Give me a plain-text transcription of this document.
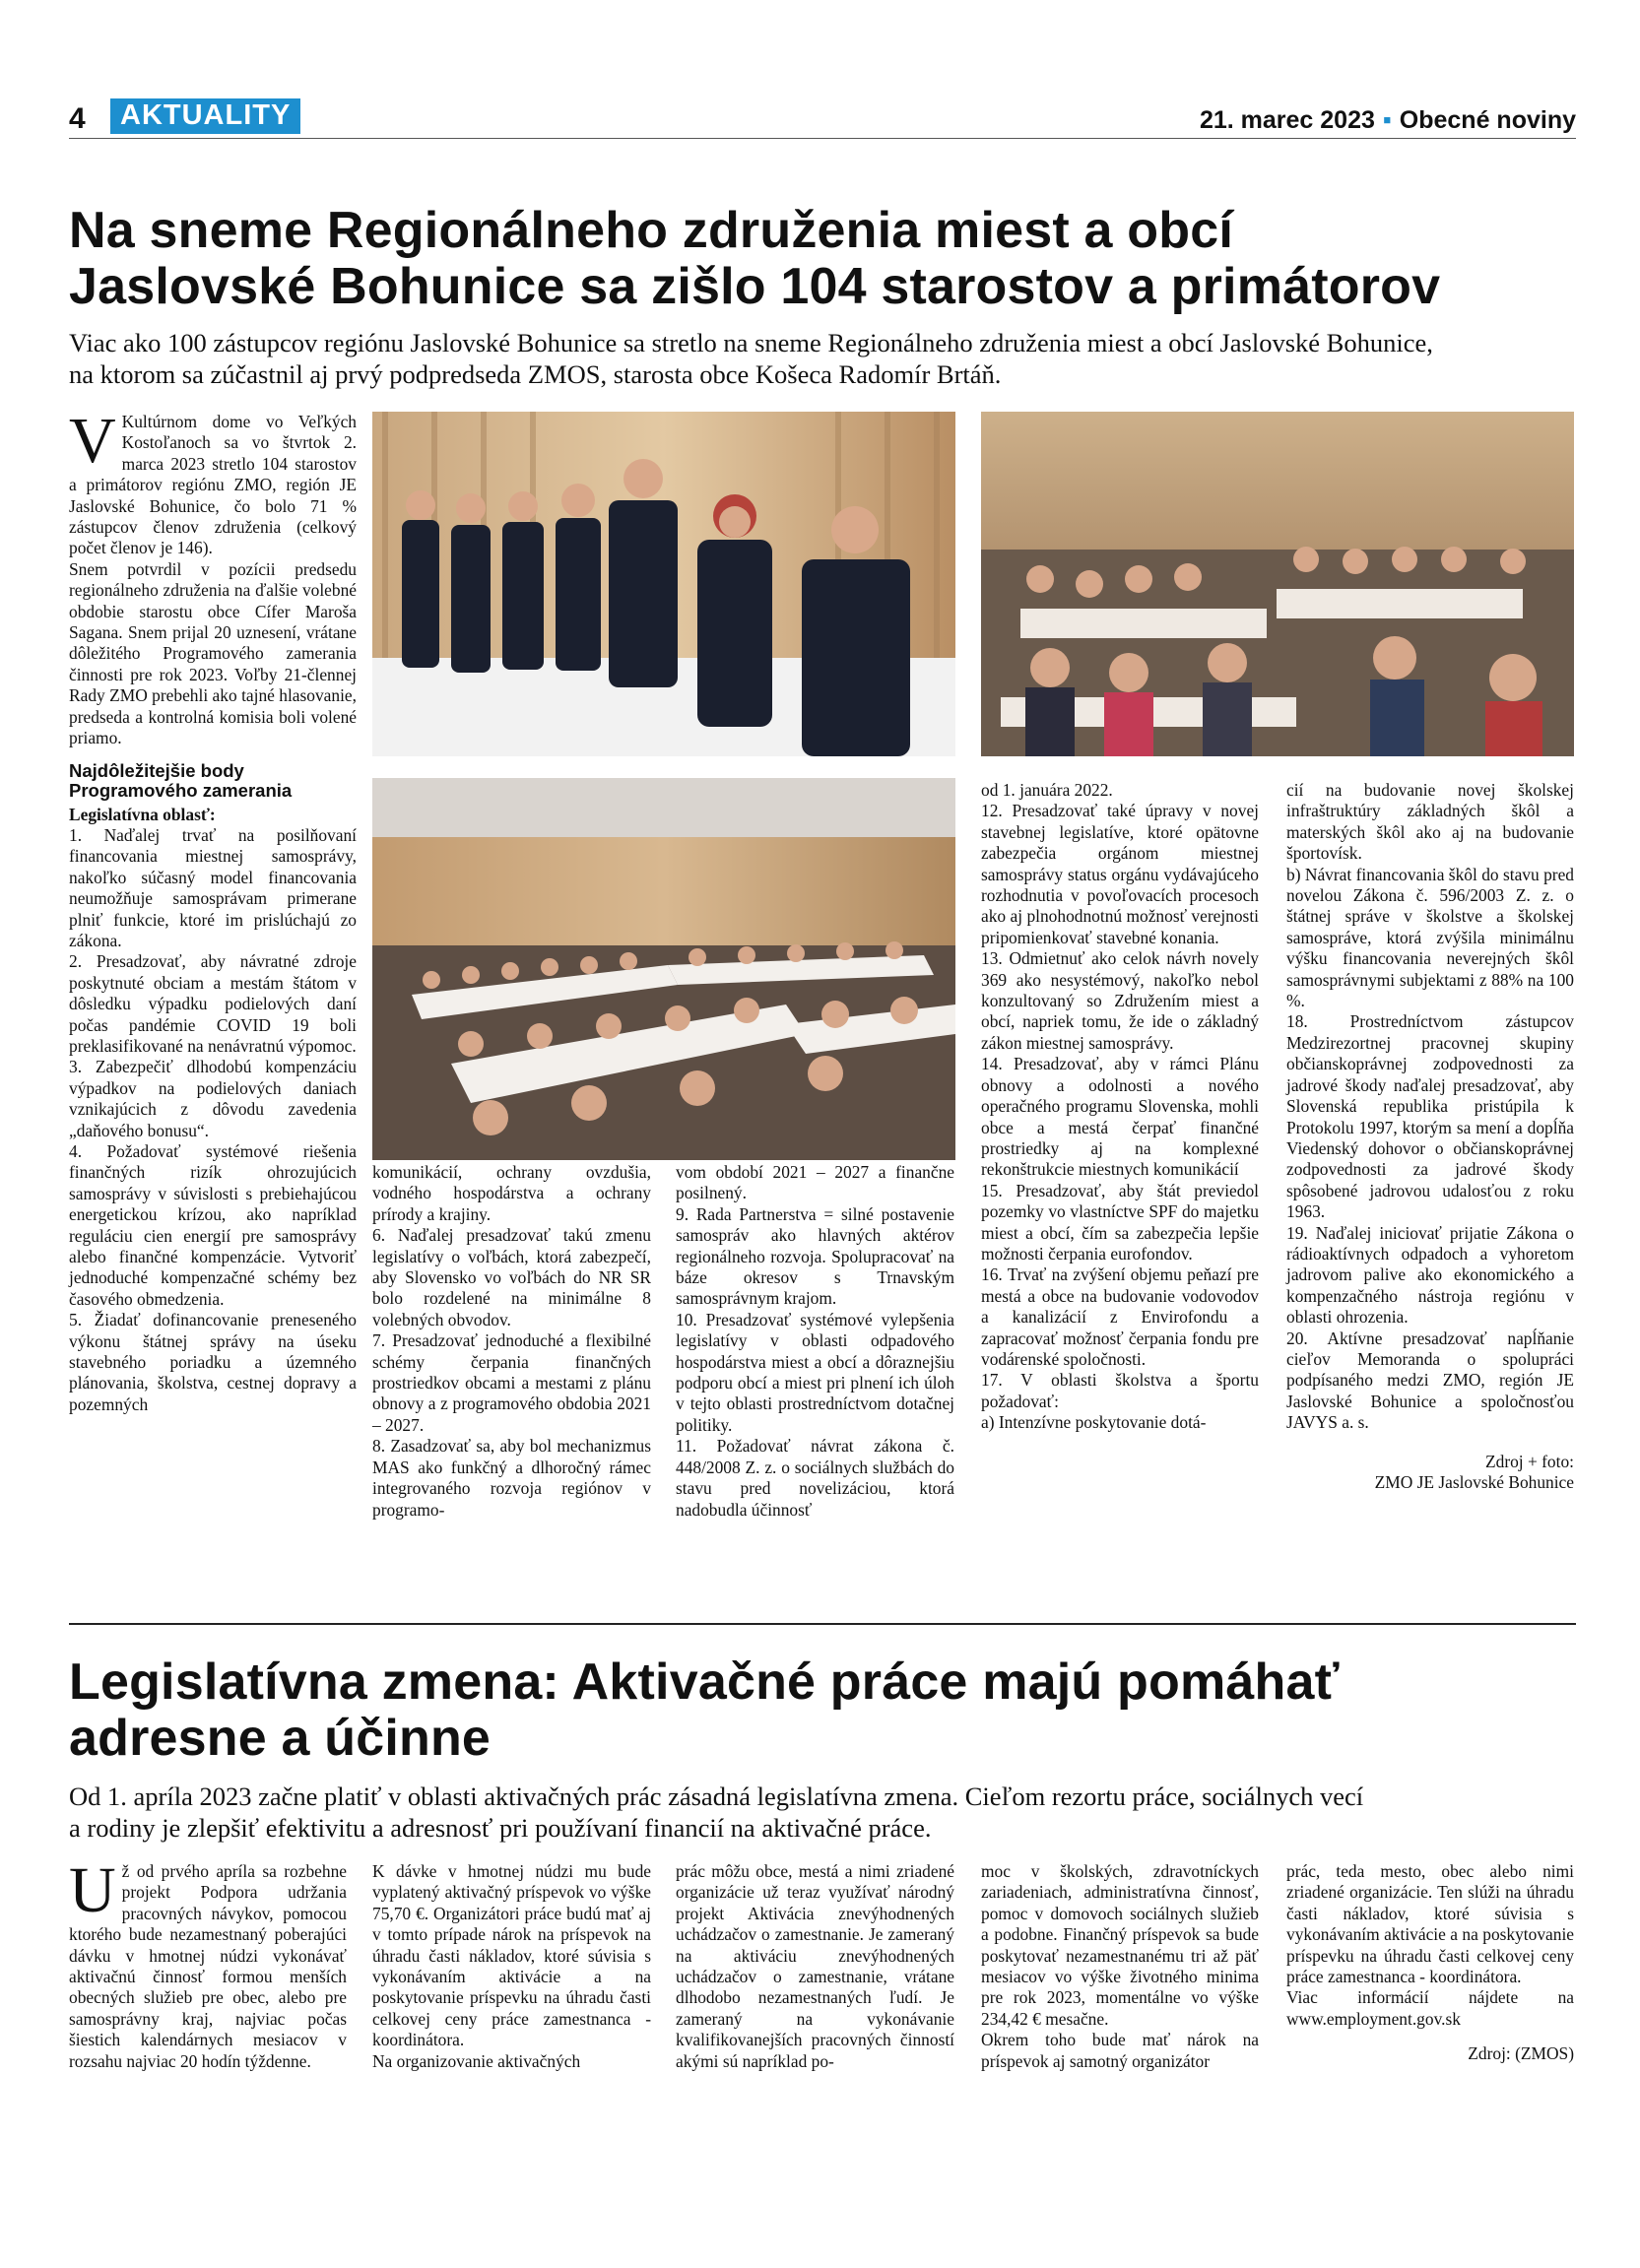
4	AKTUALITY	21. marec 2023 ▪ Obecné noviny
Na sneme Regionálneho združenia miest a obcí
Jaslovské Bohunice sa zišlo 104 starostov a primátorov
Viac ako 100 zástupcov regiónu Jaslovské Bohunice sa stretlo na sneme Regionálneho združenia miest a obcí Jaslovské Bohunice,
na ktorom sa zúčastnil aj prvý podpredseda ZMOS, starosta obce Košeca Radomír Brtáň.
V Kultúrnom dome vo Veľkých Kostoľanoch sa vo štvrtok 2. marca 2023 stretlo 104 starostov a primátorov regiónu ZMO, región JE Jaslovské Bohunice, čo bolo 71 % zástupcov členov združenia (celkový počet členov je 146).
Snem potvrdil v pozícii predsedu regionálneho združenia na ďalšie volebné obdobie starostu obce Cífer Maroša Sagana. Snem prijal 20 uznesení, vrátane dôležitého Programového zamerania činnosti pre rok 2023. Voľby 21-člennej Rady ZMO prebehli ako tajné hlasovanie, predseda a kontrolná komisia boli volené priamo.
Najdôležitejšie body Programového zamerania
Legislatívna oblasť:
1. Naďalej trvať na posilňovaní financovania miestnej samosprávy, nakoľko súčasný model financovania neumožňuje samosprávam primerane plniť funkcie, ktoré im prislúchajú zo zákona.
2. Presadzovať, aby návratné zdroje poskytnuté obciam a mestám štátom v dôsledku výpadku podielových daní počas pandémie COVID 19 boli preklasifikované na nenávratnú výpomoc.
3. Zabezpečiť dlhodobú kompenzáciu výpadkov na podielových daniach vznikajúcich z dôvodu zavedenia „daňového bonusu“.
4. Požadovať systémové riešenia finančných rizík ohrozujúcich samosprávy v súvislosti s prebiehajúcou energetickou krízou, ako napríklad reguláciu cien energií pre samosprávy alebo finančné kompenzácie. Vytvoriť jednoduché kompenzačné schémy bez časového obmedzenia.
5. Žiadať dofinancovanie preneseného výkonu štátnej správy na úseku stavebného poriadku a územného plánovania, školstva, cestnej dopravy a pozemných
komunikácií, ochrany ovzdušia, vodného hospodárstva a ochrany prírody a krajiny.
6. Naďalej presadzovať takú zmenu legislatívy o voľbách, ktorá zabezpečí, aby Slovensko vo voľbách do NR SR bolo rozdelené na minimálne 8 volebných obvodov.
7. Presadzovať jednoduché a flexibilné schémy čerpania finančných prostriedkov obcami a mestami z plánu obnovy a z programového obdobia 2021 – 2027.
8. Zasadzovať sa, aby bol mechanizmus MAS ako funkčný a dlhoročný rámec integrovaného rozvoja regiónov v programo-
vom období 2021 – 2027 a finančne posilnený.
9. Rada Partnerstva = silné postavenie samospráv ako hlavných aktérov regionálneho rozvoja. Spolupracovať na báze okresov s Trnavským samosprávnym krajom.
10. Presadzovať systémové vylepšenia legislatívy v oblasti odpadového hospodárstva miest a obcí a dôraznejšiu podporu obcí a miest pri plnení ich úloh v tejto oblasti prostredníctvom dotačnej politiky.
11. Požadovať návrat zákona č. 448/2008 Z. z. o sociálnych službách do stavu pred novelizáciou, ktorá nadobudla účinnosť
od 1. januára 2022.
12. Presadzovať také úpravy v novej stavebnej legislatíve, ktoré opätovne zabezpečia orgánom miestnej samosprávy status orgánu vydávajúceho rozhodnutia v povoľovacích procesoch ako aj plnohodnotnú možnosť verejnosti pripomienkovať stavebné konania.
13. Odmietnuť ako celok návrh novely 369 ako nesystémový, nakoľko nebol konzultovaný so Združením miest a obcí, napriek tomu, že ide o základný zákon miestnej samosprávy.
14. Presadzovať, aby v rámci Plánu obnovy a odolnosti a nového operačného programu Slovenska, mohli obce a mestá čerpať finančné prostriedky aj na komplexné rekonštrukcie miestnych komunikácií
15. Presadzovať, aby štát previedol pozemky vo vlastníctve SPF do majetku miest a obcí, čím sa zabezpečia lepšie možnosti čerpania eurofondov.
16. Trvať na zvýšení objemu peňazí pre mestá a obce na budovanie vodovodov a kanalizácií z Envirofondu a zapracovať možnosť čerpania fondu pre vodárenské spoločnosti.
17. V oblasti školstva a športu požadovať:
a) Intenzívne poskytovanie dotá-
cií na budovanie novej školskej infraštruktúry základných škôl a materských škôl ako aj na budovanie športovísk.
b) Návrat financovania škôl do stavu pred novelou Zákona č. 596/2003 Z. z. o štátnej správe v školstve a školskej samospráve, ktorá zvýšila minimálnu výšku financovania neverejných škôl samosprávnymi subjektami z 88% na 100 %.
18. Prostredníctvom zástupcov Medzirezortnej pracovnej skupiny občianskoprávnej zodpovednosti za jadrové škody naďalej presadzovať, aby Slovenská republika pristúpila k Protokolu 1997, ktorým sa mení a dopĺňa Viedenský dohovor o občianskoprávnej zodpovednosti za jadrové škody spôsobené jadrovou udalosťou z roku 1963.
19. Naďalej iniciovať prijatie Zákona o rádioaktívnych odpadoch a vyhoretom jadrovom palive ako ekonomického a kompenzačného nástroja regiónu v oblasti ohrozenia.
20. Aktívne presadzovať napĺňanie cieľov Memoranda o spolupráci podpísaného medzi ZMO, región JE Jaslovské Bohunice a spoločnosťou JAVYS a. s.
Zdroj + foto:
ZMO JE Jaslovské Bohunice
Legislatívna zmena: Aktivačné práce majú pomáhať
adresne a účinne
Od 1. apríla 2023 začne platiť v oblasti aktivačných prác zásadná legislatívna zmena. Cieľom rezortu práce, sociálnych vecí
a rodiny je zlepšiť efektivitu a adresnosť pri používaní financií na aktivačné práce.
Už od prvého apríla sa rozbehne projekt Podpora udržania pracovných návykov, pomocou ktorého bude nezamestnaný poberajúci dávku v hmotnej núdzi vykonávať aktivačnú činnosť formou menších obecných služieb pre obec, alebo pre samosprávny kraj, najviac počas šiestich kalendárnych mesiacov v rozsahu najviac 20 hodín týždenne.
K dávke v hmotnej núdzi mu bude vyplatený aktivačný príspevok vo výške 75,70 €. Organizátori práce budú mať aj v tomto prípade nárok na príspevok na úhradu časti nákladov, ktoré súvisia s vykonávaním aktivácie a na poskytovanie príspevku na úhradu časti celkovej ceny práce zamestnanca - koordinátora.
Na organizovanie aktivačných
prác môžu obce, mestá a nimi zriadené organizácie už teraz využívať národný projekt Aktivácia znevýhodnených uchádzačov o zamestnanie. Je zameraný na aktiváciu znevýhodnených uchádzačov o zamestnanie, vrátane dlhodobo nezamestnaných ľudí. Je zameraný na vykonávanie kvalifikovanejších pracovných činností akými sú napríklad po-
moc v školských, zdravotníckych zariadeniach, administratívna činnosť, pomoc v domovoch sociálnych služieb a podobne. Finančný príspevok sa bude poskytovať nezamestnanému tri až päť mesiacov vo výške životného minima pre rok 2023, momentálne vo výške 234,42 € mesačne.
Okrem toho bude mať nárok na príspevok aj samotný organizátor
prác, teda mesto, obec alebo nimi zriadené organizácie. Ten slúži na úhradu časti nákladov, ktoré súvisia s vykonávaním aktivácie a na poskytovanie príspevku na úhradu časti celkovej ceny práce zamestnanca - koordinátora.
Viac informácií nájdete na www.employment.gov.sk
Zdroj: (ZMOS)
